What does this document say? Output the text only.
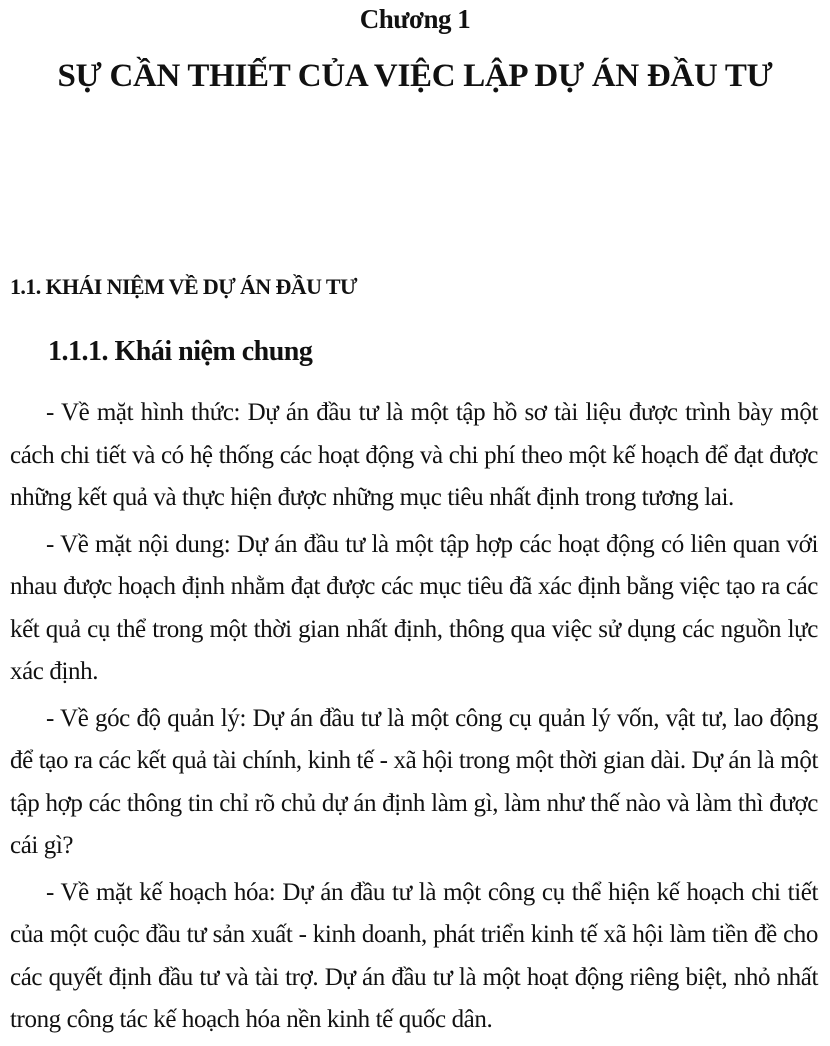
Chương 1
SỰ CẦN THIẾT CỦA VIỆC LẬP DỰ ÁN ĐẦU TƯ
1.1. KHÁI NIỆM VỀ DỰ ÁN ĐẦU TƯ
1.1.1. Khái niệm chung

- Về mặt hình thức: Dự án đầu tư là một tập hồ sơ tài liệu được trình bày một cách chi tiết và có hệ thống các hoạt động và chi phí theo một kế hoạch để đạt được những kết quả và thực hiện được những mục tiêu nhất định trong tương lai.

- Về mặt nội dung: Dự án đầu tư là một tập hợp các hoạt động có liên quan với nhau được hoạch định nhằm đạt được các mục tiêu đã xác định bằng việc tạo ra các kết quả cụ thể trong một thời gian nhất định, thông qua việc sử dụng các nguồn lực xác định.

- Về góc độ quản lý: Dự án đầu tư là một công cụ quản lý vốn, vật tư, lao động để tạo ra các kết quả tài chính, kinh tế - xã hội trong một thời gian dài. Dự án là một tập hợp các thông tin chỉ rõ chủ dự án định làm gì, làm như thế nào và làm thì được cái gì?

- Về mặt kế hoạch hóa: Dự án đầu tư là một công cụ thể hiện kế hoạch chi tiết của một cuộc đầu tư sản xuất - kinh doanh, phát triển kinh tế xã hội làm tiền đề cho các quyết định đầu tư và tài trợ. Dự án đầu tư là một hoạt động riêng biệt, nhỏ nhất trong công tác kế hoạch hóa nền kinh tế quốc dân.
